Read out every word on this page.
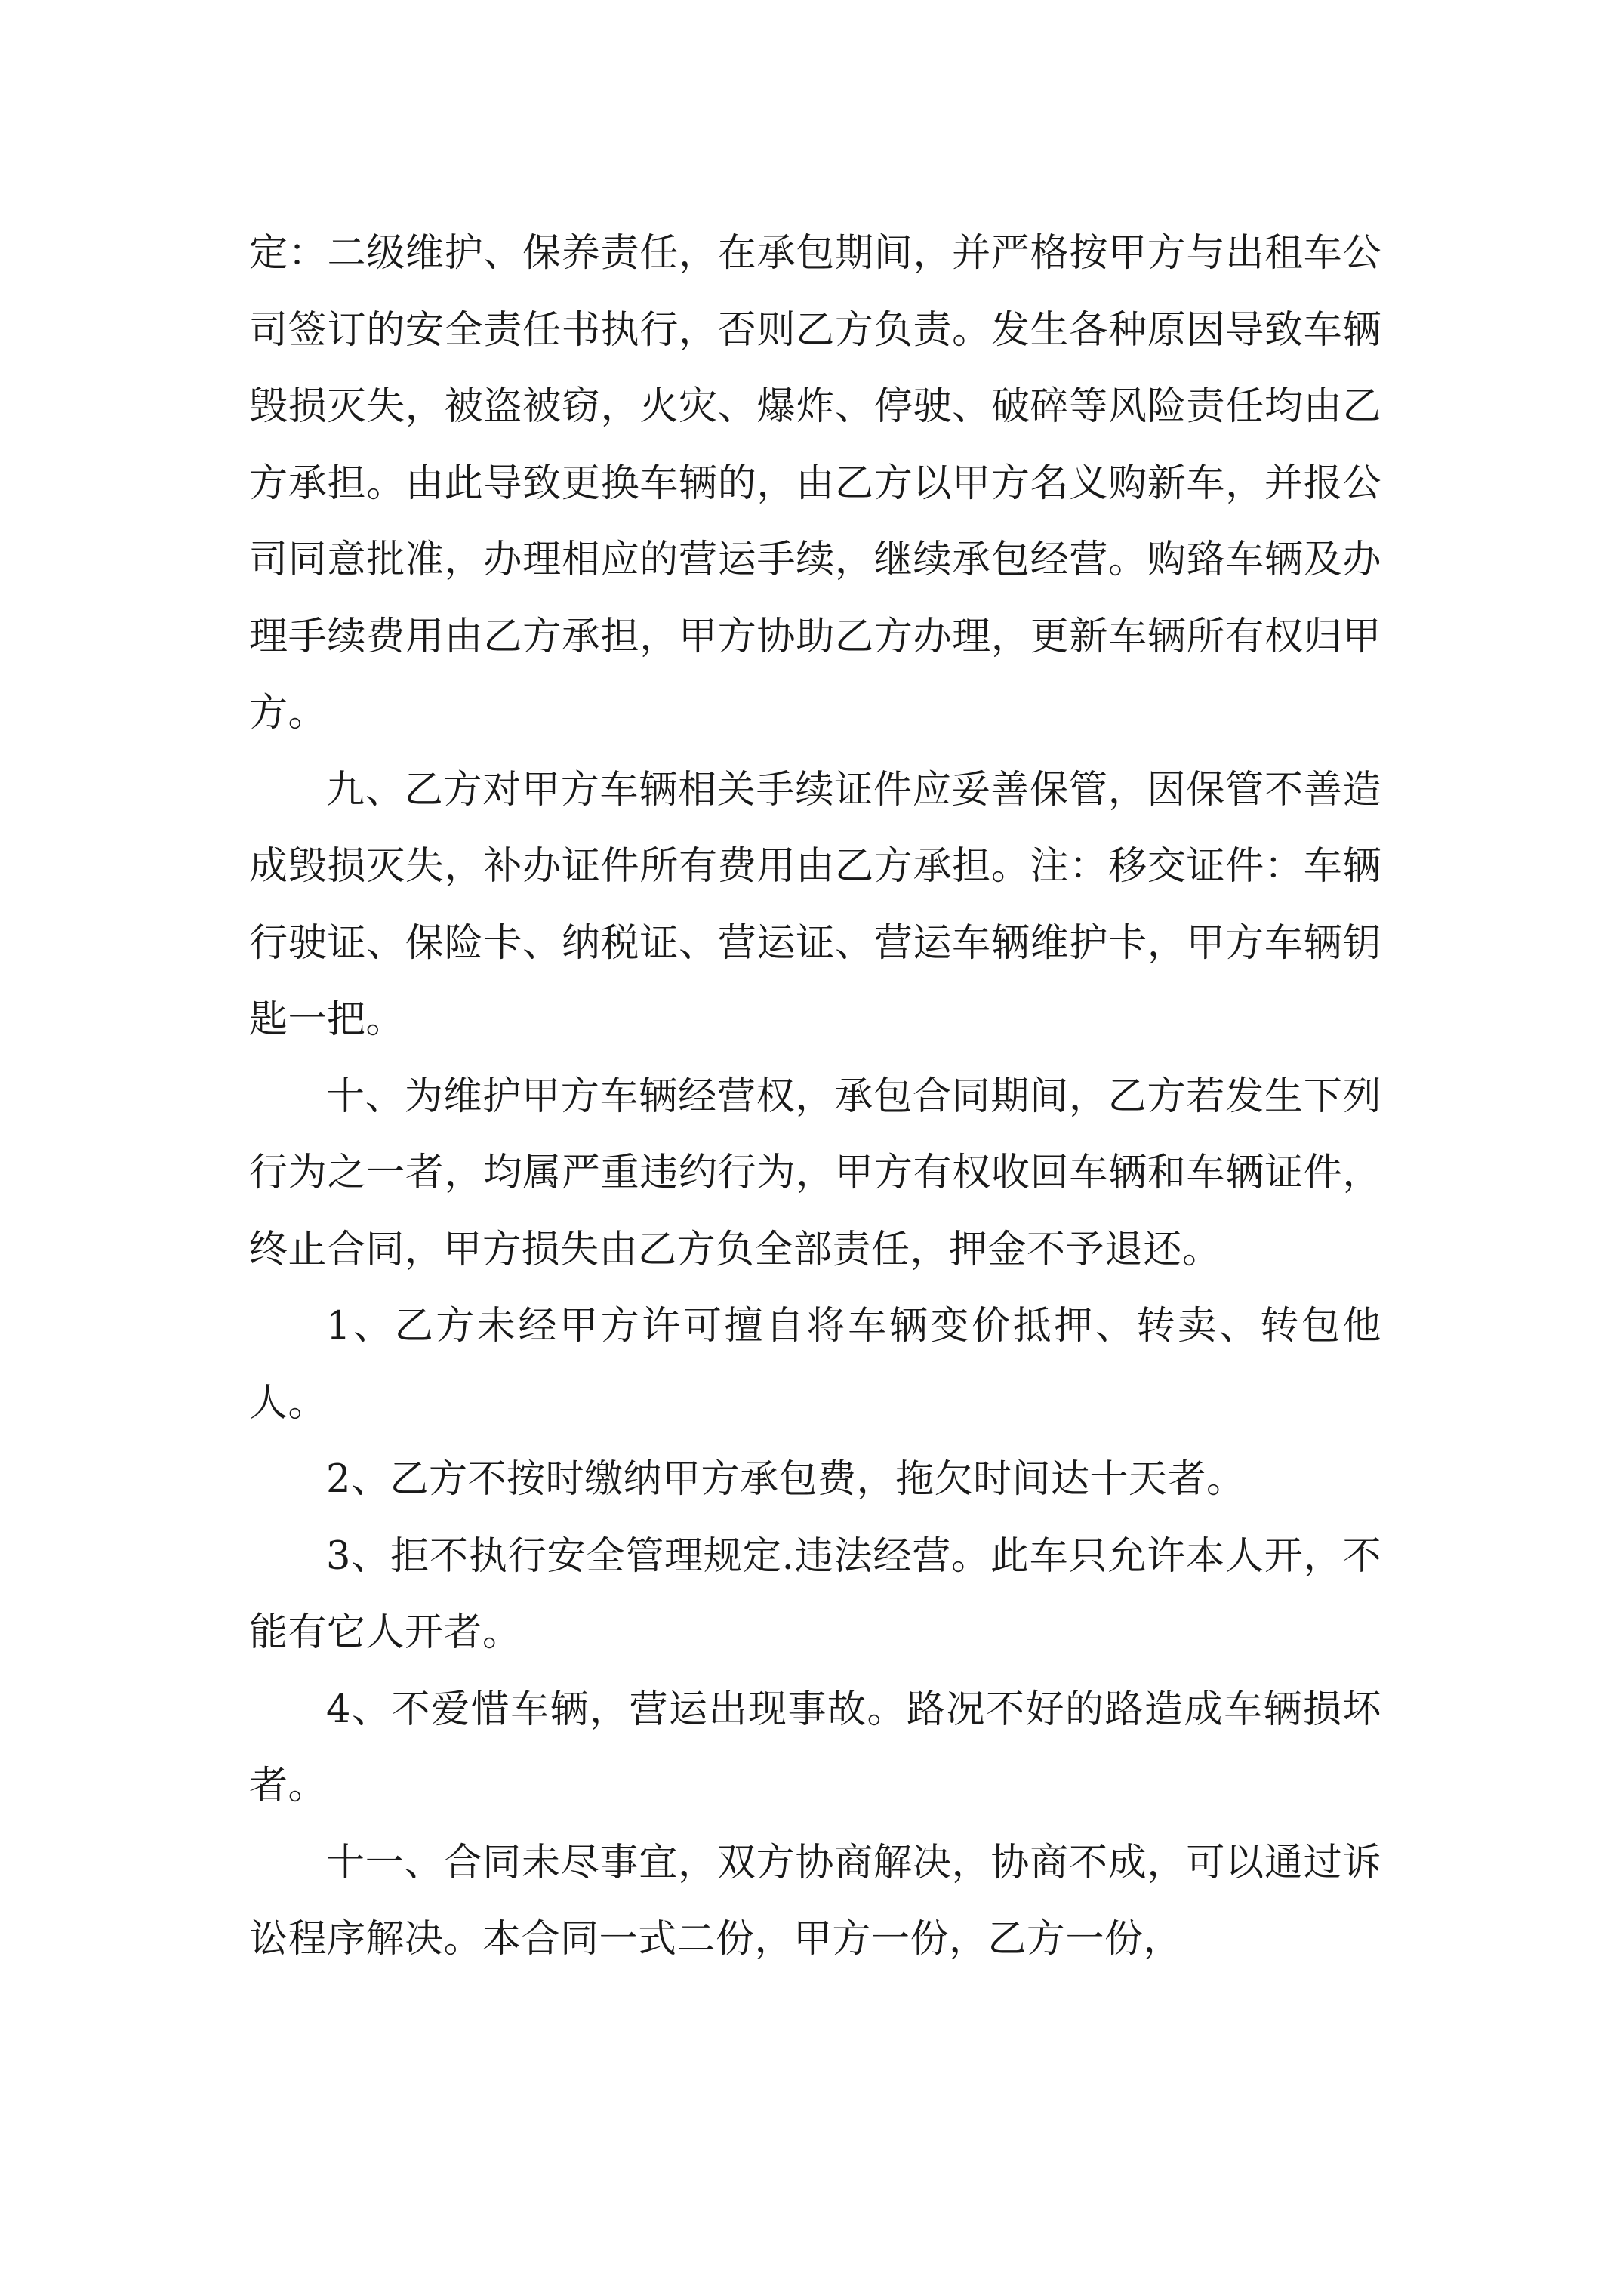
定：二级维护、保养责任，在承包期间，并严格按甲方与出租车公司签订的安全责任书执行，否则乙方负责。发生各种原因导致车辆毁损灭失，被盗被窃，火灾、爆炸、停驶、破碎等风险责任均由乙方承担。由此导致更换车辆的，由乙方以甲方名义购新车，并报公司同意批准，办理相应的营运手续，继续承包经营。购臵车辆及办理手续费用由乙方承担，甲方协助乙方办理，更新车辆所有权归甲方。

九、乙方对甲方车辆相关手续证件应妥善保管，因保管不善造成毁损灭失，补办证件所有费用由乙方承担。注：移交证件：车辆行驶证、保险卡、纳税证、营运证、营运车辆维护卡，甲方车辆钥匙一把。

十、为维护甲方车辆经营权，承包合同期间，乙方若发生下列行为之一者，均属严重违约行为，甲方有权收回车辆和车辆证件，终止合同，甲方损失由乙方负全部责任，押金不予退还。

1、乙方未经甲方许可擅自将车辆变价抵押、转卖、转包他人。

2、乙方不按时缴纳甲方承包费，拖欠时间达十天者。

3、拒不执行安全管理规定.违法经营。此车只允许本人开，不能有它人开者。

4、不爱惜车辆，营运出现事故。路况不好的路造成车辆损坏者。

十一、合同未尽事宜，双方协商解决，协商不成，可以通过诉讼程序解决。本合同一式二份，甲方一份，乙方一份，
